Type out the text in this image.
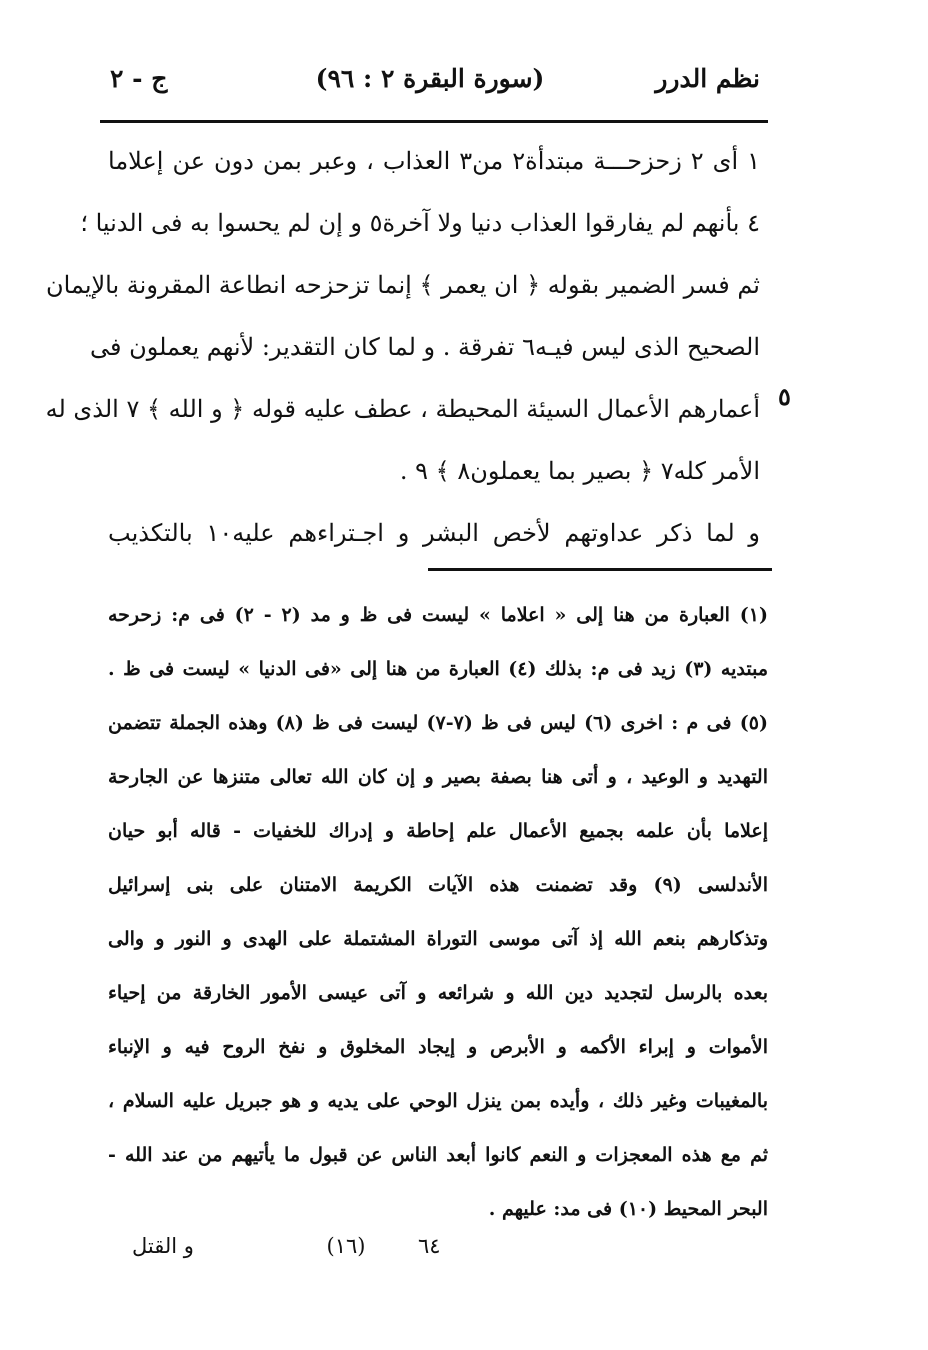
نظم الدرر
(سورة البقرة ٢ : ٩٦)
ج - ٢
١ أى ٢ زحزحـــة مبتدأة٢ من٣ العذاب ، وعبر بمن دون عن إعلاما
٤ بأنهم لم يفارقوا العذاب دنيا ولا آخرة٥ و إن لم يحسوا به فى الدنيا ؛
ثم فسر الضمير بقوله ﴿ ان يعمر ﴾ إنما تزحزحه انطاعة المقرونة بالإيمان
الصحيح الذى ليس فيـه٦ تفرقة . و لما كان التقدير: لأنهم يعملون فى
أعمارهم الأعمال السيئة المحيطة ، عطف عليه قوله ﴿ و الله ﴾ ٧ الذى له
الأمر كله٧ ﴿ بصير بما يعملون٨ ﴾ ٩ .
و لما ذكر عداوتهم لأخص البشر و اجـتراءهم عليه١٠ بالتكذيب
٥
(١) العبارة من هنا إلى « اعلاما » ليست فى ظ و مد (٢ - ٢) فى م: زحرحه
مبتديه (٣) زيد فى م: بذلك (٤) العبارة من هنا إلى «فى الدنيا » ليست فى ظ .
(٥) فى م : اخرى (٦) ليس فى ظ (٧-٧) ليست فى ظ (٨) وهذه الجملة تتضمن
التهديد و الوعيد ، و أتى هنا بصفة بصير و إن كان الله تعالى متنزها عن الجارحة
إعلاما بأن علمه بجميع الأعمال علم إحاطة و إدراك للخفيات - قاله أبو حيان
الأندلسى (٩) وقد تضمنت هذه الآيات الكريمة الامتنان على بنى إسرائيل
وتذكارهم بنعم الله إذ آتى موسى التوراة المشتملة على الهدى و النور و والى
بعده بالرسل لتجديد دين الله و شرائعه و آتى عيسى الأمور الخارقة من إحياء
الأموات و إبراء الأكمه و الأبرص و إيجاد المخلوق و نفخ الروح فيه و الإنباء
بالمغيبات وغير ذلك ، وأيده بمن ينزل الوحي على يديه و هو جبريل عليه السلام ،
ثم مع هذه المعجزات و النعم كانوا أبعد الناس عن قبول ما يأتيهم من عند الله -
البحر المحيط (١٠) فى مد: عليهم .
٦٤
(١٦)
و القتل
